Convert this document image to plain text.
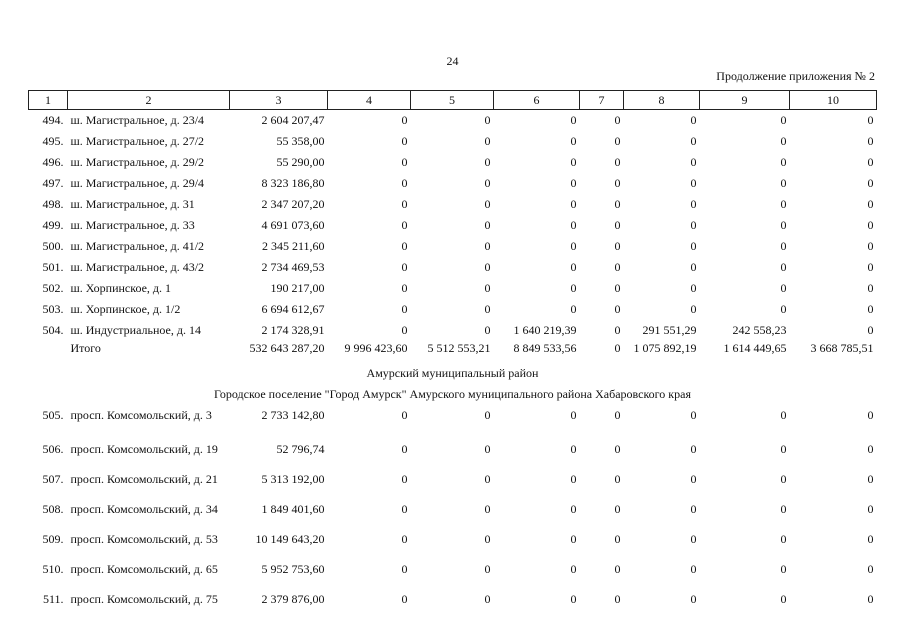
24
Продолжение приложения № 2
1	2	3	4	5	6	7	8	9	10
494.	ш. Магистральное, д. 23/4	2 604 207,47	0	0	0	0	0	0	0
495.	ш. Магистральное, д. 27/2	55 358,00	0	0	0	0	0	0	0
496.	ш. Магистральное, д. 29/2	55 290,00	0	0	0	0	0	0	0
497.	ш. Магистральное, д. 29/4	8 323 186,80	0	0	0	0	0	0	0
498.	ш. Магистральное, д. 31	2 347 207,20	0	0	0	0	0	0	0
499.	ш. Магистральное, д. 33	4 691 073,60	0	0	0	0	0	0	0
500.	ш. Магистральное, д. 41/2	2 345 211,60	0	0	0	0	0	0	0
501.	ш. Магистральное, д. 43/2	2 734 469,53	0	0	0	0	0	0	0
502.	ш. Хорпинское, д. 1	190 217,00	0	0	0	0	0	0	0
503.	ш. Хорпинское, д. 1/2	6 694 612,67	0	0	0	0	0	0	0
504.	ш. Индустриальное, д. 14	2 174 328,91	0	0	1 640 219,39	0	291 551,29	242 558,23	0
	Итого	532 643 287,20	9 996 423,60	5 512 553,21	8 849 533,56	0	1 075 892,19	1 614 449,65	3 668 785,51
Амурский муниципальный район									
Городское поселение "Город Амурск" Амурского муниципального района Хабаровского края									
505.	просп. Комсомольский, д. 3	2 733 142,80	0	0	0	0	0	0	0
506.	просп. Комсомольский, д. 19	52 796,74	0	0	0	0	0	0	0
507.	просп. Комсомольский, д. 21	5 313 192,00	0	0	0	0	0	0	0
508.	просп. Комсомольский, д. 34	1 849 401,60	0	0	0	0	0	0	0
509.	просп. Комсомольский, д. 53	10 149 643,20	0	0	0	0	0	0	0
510.	просп. Комсомольский, д. 65	5 952 753,60	0	0	0	0	0	0	0
511.	просп. Комсомольский, д. 75	2 379 876,00	0	0	0	0	0	0	0
